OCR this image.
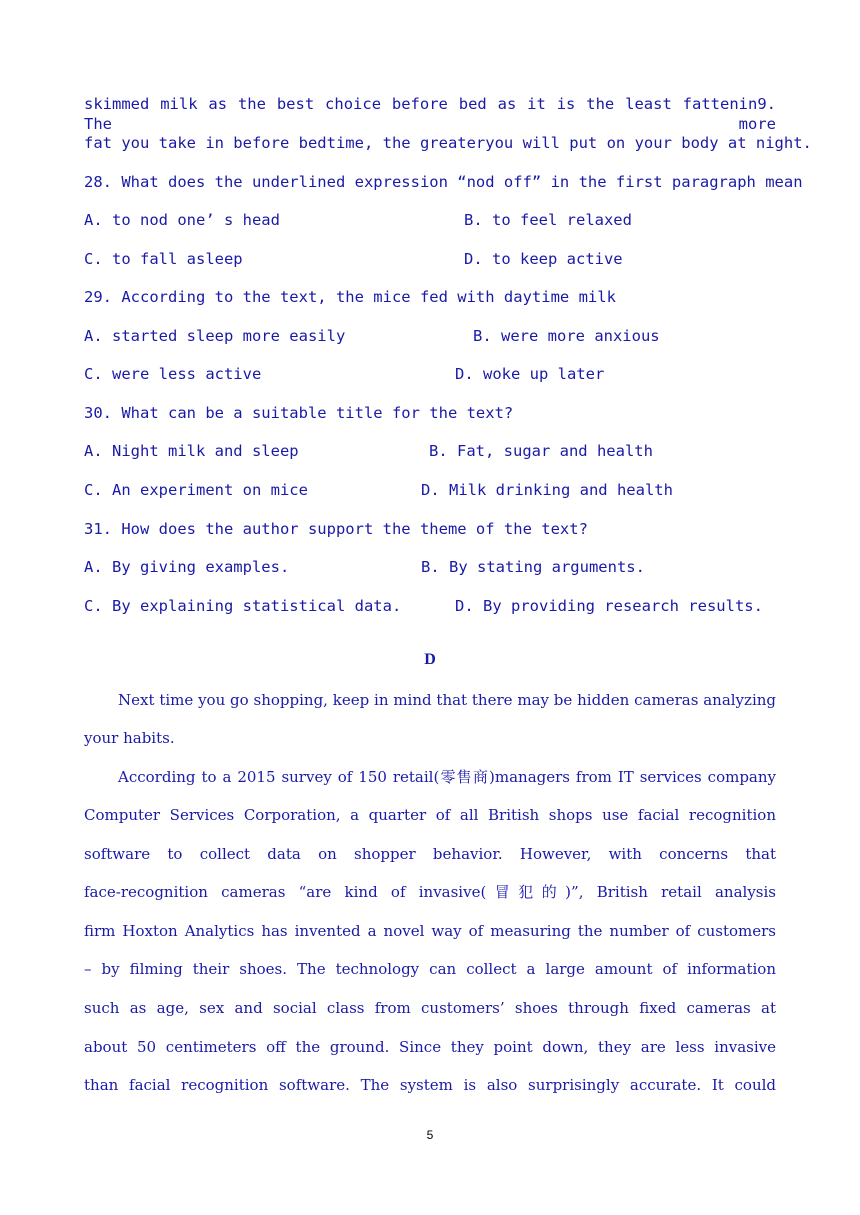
skimmed milk as the best choice before bed as it is the least fattenin9. The more
fat you take in before bedtime, the greateryou will put on your body at night.
28. What does the underlined expression “nod off” in the first paragraph mean
A. to nod one’ s head	B. to feel relaxed
C. to fall asleep	D. to keep active
29. According to the text, the mice fed with daytime milk
A. started sleep more easily	B. were more anxious
C. were less active	D. woke up later
30. What can be a suitable title for the text?
A. Night milk and sleep	B. Fat, sugar and health
C. An experiment on mice	D. Milk drinking and health
31. How does the author support the theme of the text?
A. By giving examples.	B. By stating arguments.
C. By explaining statistical data.	D. By providing research results.
D
Next time you go shopping, keep in mind that there may be hidden cameras analyzing
your habits.
According to a 2015 survey of 150 retail(零售商)managers from IT services company
Computer Services Corporation, a quarter of all British shops use facial recognition
software to collect data on shopper behavior. However, with concerns that
face-recognition cameras “are kind of invasive(冒犯的)”, British retail analysis
firm Hoxton Analytics has invented a novel way of measuring the number of customers
– by filming their shoes. The technology can collect a large amount of information
such as age, sex and social class from customers’ shoes through fixed cameras at
about 50 centimeters off the ground. Since they point down, they are less invasive
than facial recognition software. The system is also surprisingly accurate. It could
5
